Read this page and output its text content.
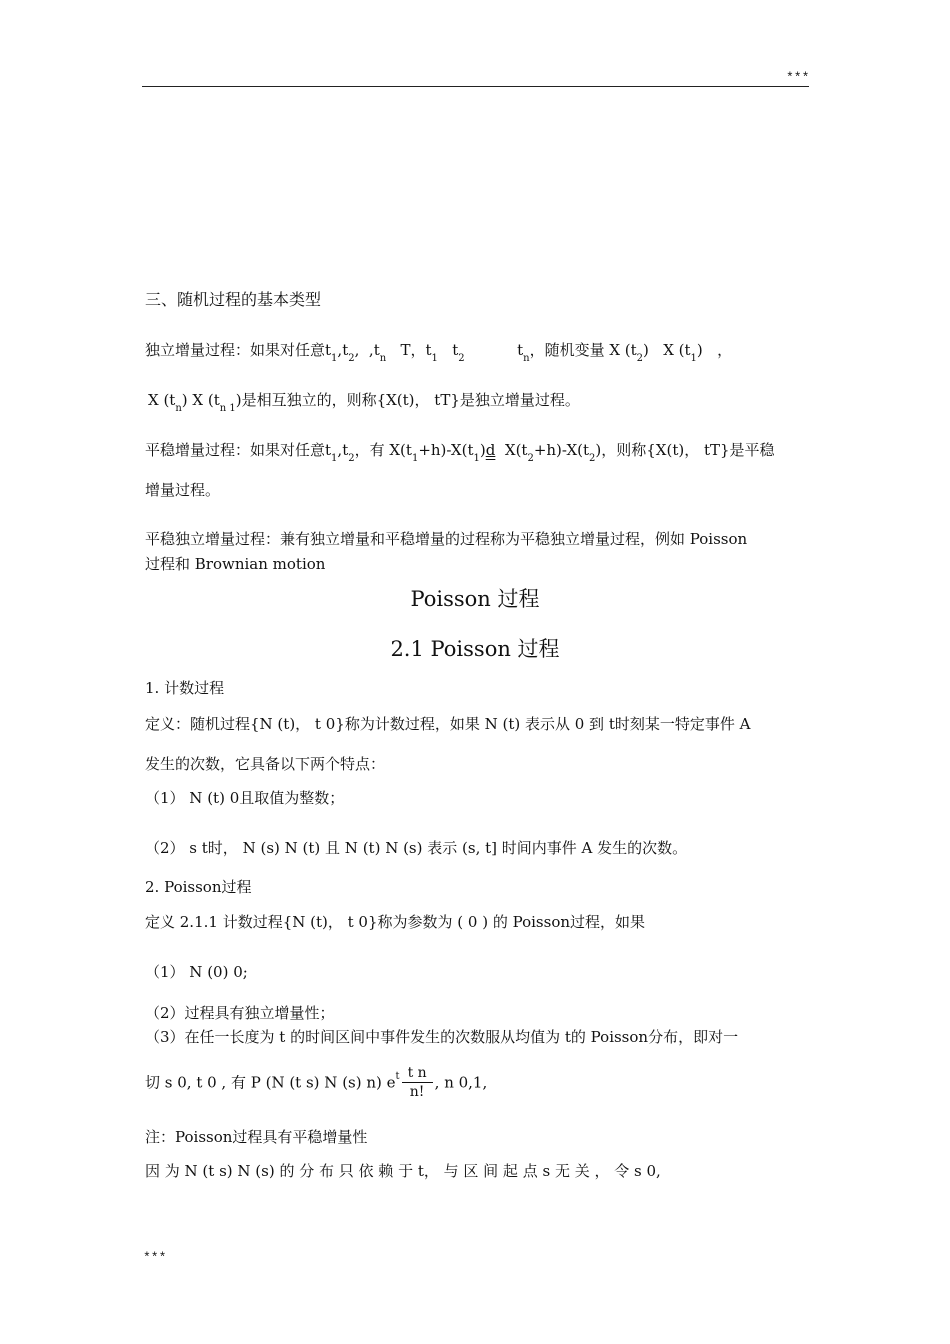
***
三、随机过程的基本类型
独立增量过程：如果对任意$t_1,t_2$,  $,t_n$ T，$t_1$ $t_2$	$t_n$，随机变量 X $(t_2)$ X $(t_1)$ ，
X $(t_n)$ X $(t_{n 1})$是相互独立的，则称{X(t)， tT}是独立增量过程。
平稳增量过程：如果对任意$t_1,t_2$，有 $X(t_1+h)-X(t_1)d$ $X(t_2+h)-X(t_2)$，则称{X(t)， tT}是平稳
增量过程。
平稳独立增量过程：兼有独立增量和平稳增量的过程称为平稳独立增量过程，例如 Poisson
过程和 Brownian motion
Poisson 过程
2.1 Poisson 过程
1. 计数过程
定义：随机过程{N (t)， t 0}称为计数过程，如果 N (t) 表示从 0 到 t时刻某一特定事件 A
发生的次数，它具备以下两个特点：
（1） N (t) 0且取值为整数；
（2） s t时， N (s) N (t) 且 N (t) N (s) 表示 (s, t] 时间内事件 A 发生的次数。
2. Poisson过程
定义 2.1.1 计数过程{N (t)， t 0}称为参数为 ( 0 ) 的 Poisson过程，如果
（1） N (0) 0;
（2）过程具有独立增量性；
（3）在任一长度为 t 的时间区间中事件发生的次数服从均值为 t的 Poisson分布，即对一
切 s 0, t 0 , 有 P (N (t s) N (s) n) $e^t \frac{\text{t n}}{n!}$ , n 0,1,
注：Poisson过程具有平稳增量性
因 为 N (t s) N (s) 的 分 布 只 依 赖 于 t， 与 区 间 起 点 s 无 关 ， 令 s 0,
***
